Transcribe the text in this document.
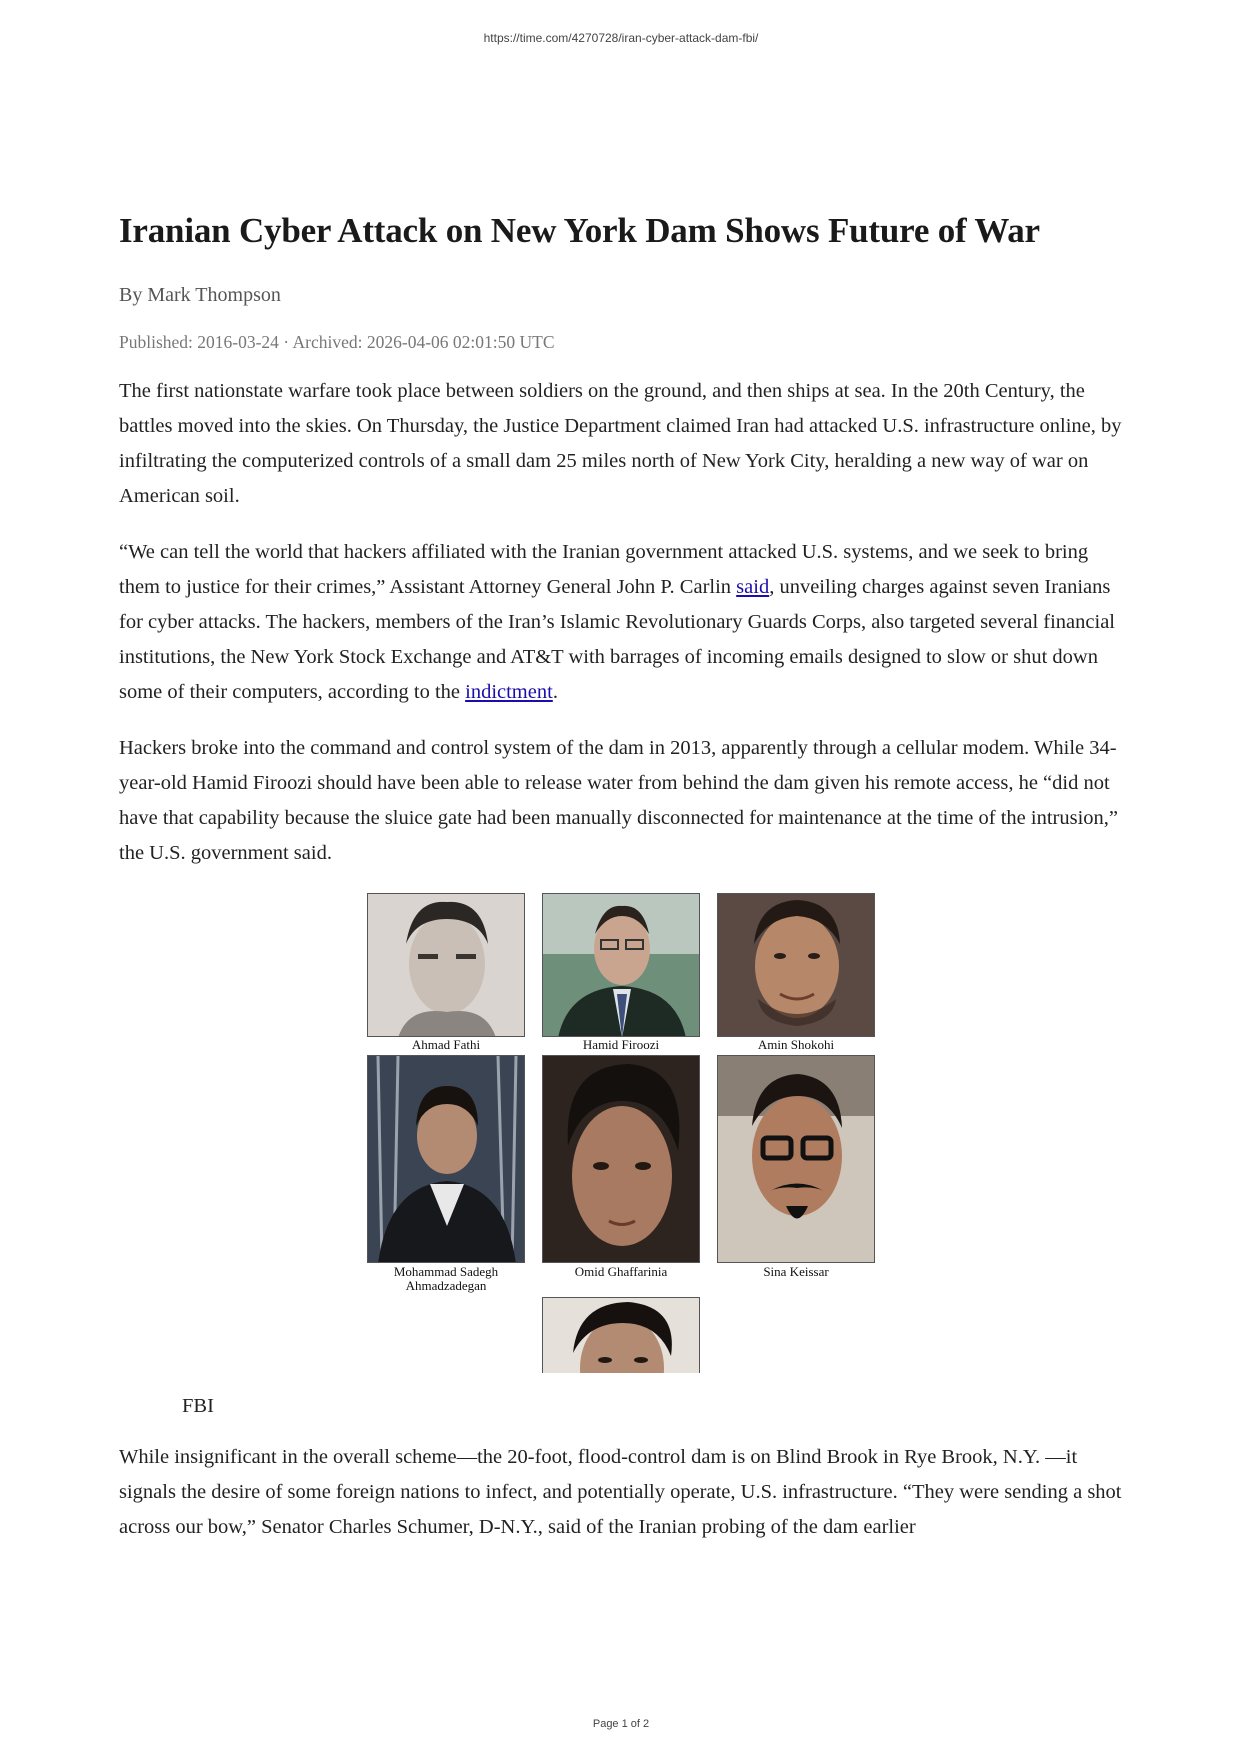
https://time.com/4270728/iran-cyber-attack-dam-fbi/
Iranian Cyber Attack on New York Dam Shows Future of War
By Mark Thompson
Published: 2016-03-24 · Archived: 2026-04-06 02:01:50 UTC

The first nationstate warfare took place between soldiers on the ground, and then ships at sea. In the 20th Century, the battles moved into the skies. On Thursday, the Justice Department claimed Iran had attacked U.S. infrastructure online, by infiltrating the computerized controls of a small dam 25 miles north of New York City, heralding a new way of war on American soil.

“We can tell the world that hackers affiliated with the Iranian government attacked U.S. systems, and we seek to bring them to justice for their crimes,” Assistant Attorney General John P. Carlin said, unveiling charges against seven Iranians for cyber attacks. The hackers, members of the Iran’s Islamic Revolutionary Guards Corps, also targeted several financial institutions, the New York Stock Exchange and AT&T with barrages of incoming emails designed to slow or shut down some of their computers, according to the indictment.

Hackers broke into the command and control system of the dam in 2013, apparently through a cellular modem. While 34-year-old Hamid Firoozi should have been able to release water from behind the dam given his remote access, he “did not have that capability because the sluice gate had been manually disconnected for maintenance at the time of the intrusion,” the U.S. government said.

Ahmad Fathi	Hamid Firoozi	Amin Shokohi
Mohammad Sadegh Ahmadzadegan
Omid Ghaffarinia	Sina Keissar
FBI

While insignificant in the overall scheme—the 20-foot, flood-control dam is on Blind Brook in Rye Brook, N.Y. —it signals the desire of some foreign nations to infect, and potentially operate, U.S. infrastructure. “They were sending a shot across our bow,” Senator Charles Schumer, D-N.Y., said of the Iranian probing of the dam earlier

Page 1 of 2
